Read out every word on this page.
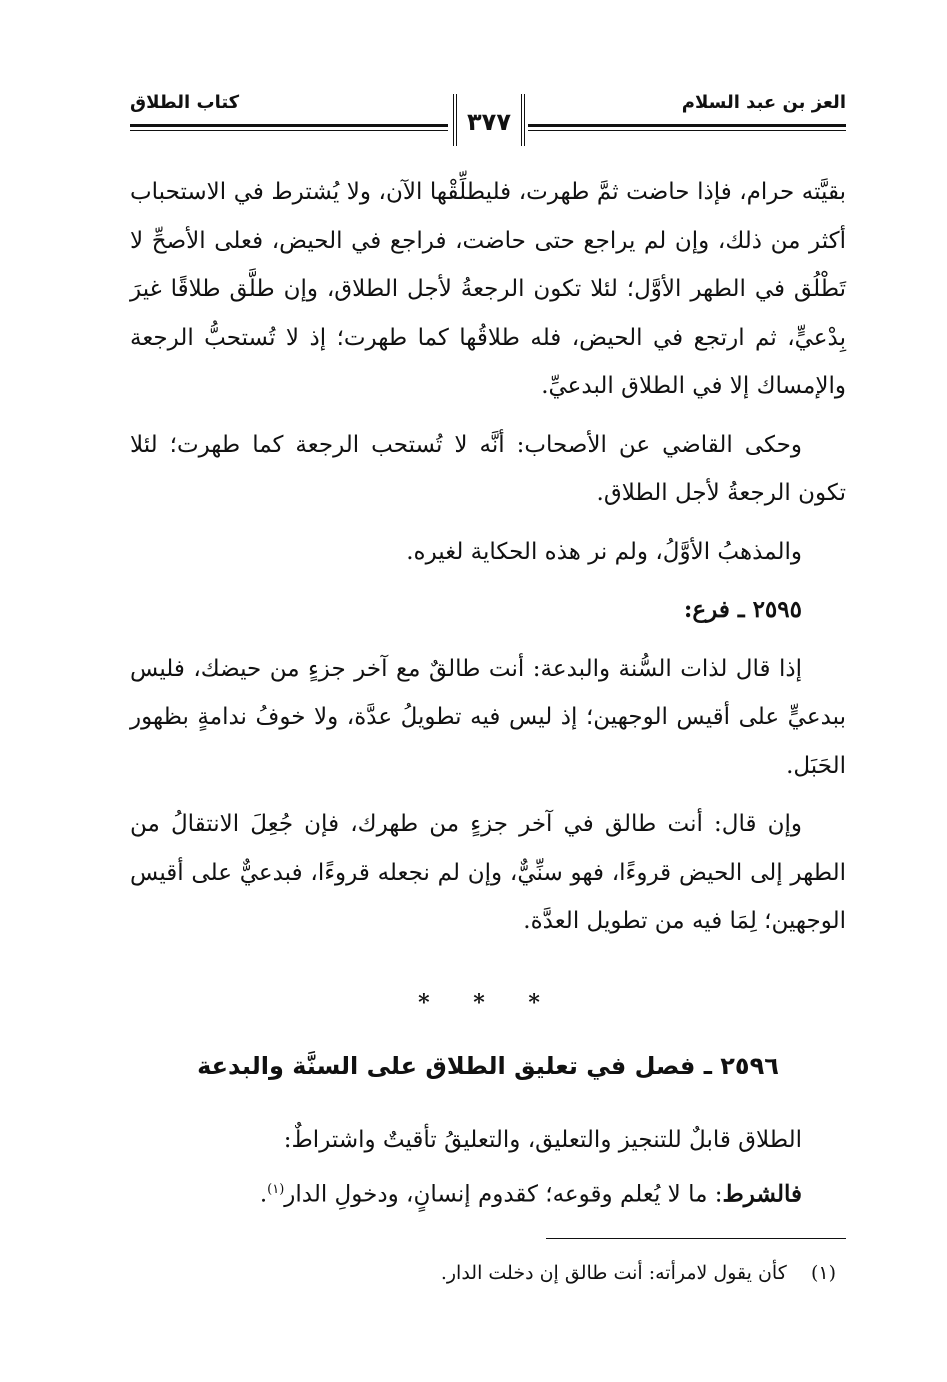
العز بن عبد السلام
كتاب الطلاق
٣٧٧

بقيَّته حرام، فإذا حاضت ثمَّ طهرت، فليطلِّقْها الآن، ولا يُشترط في الاستحباب أكثر من ذلك، وإن لم يراجع حتى حاضت، فراجع في الحيض، فعلى الأصحِّ لا تَطْلُق في الطهر الأوَّل؛ لئلا تكون الرجعةُ لأجل الطلاق، وإن طلَّق طلاقًا غيرَ بِدْعيٍّ، ثم ارتجع في الحيض، فله طلاقُها كما طهرت؛ إذ لا تُستحبُّ الرجعة والإمساك إلا في الطلاق البدعيِّ.

وحكى القاضي عن الأصحاب: أنَّه لا تُستحب الرجعة كما طهرت؛ لئلا تكون الرجعةُ لأجل الطلاق.

والمذهبُ الأوَّلُ، ولم نر هذه الحكاية لغيره.

٢٥٩٥ ـ فرع:

إذا قال لذات السُّنة والبدعة: أنت طالقٌ مع آخر جزءٍ من حيضك، فليس ببدعيٍّ على أقيس الوجهين؛ إذ ليس فيه تطويلُ عدَّة، ولا خوفُ ندامةٍ بظهور الحَبَل.

وإن قال: أنت طالق في آخر جزءٍ من طهرك، فإن جُعِلَ الانتقالُ من الطهر إلى الحيض قروءًا، فهو سنِّيٌّ، وإن لم نجعله قروءًا، فبدعيٌّ على أقيس الوجهين؛ لِمَا فيه من تطويل العدَّة.

* * *
٢٥٩٦ ـ فصل في تعليق الطلاق على السنَّة والبدعة

الطلاق قابلٌ للتنجيز والتعليق، والتعليقُ تأقيتٌ واشتراطٌ:

فالشرط: ما لا يُعلم وقوعه؛ كقدوم إنسانٍ، ودخولِ الدار$^{(١)}$.

(١)    كأن يقول لامرأته: أنت طالق إن دخلت الدار.
